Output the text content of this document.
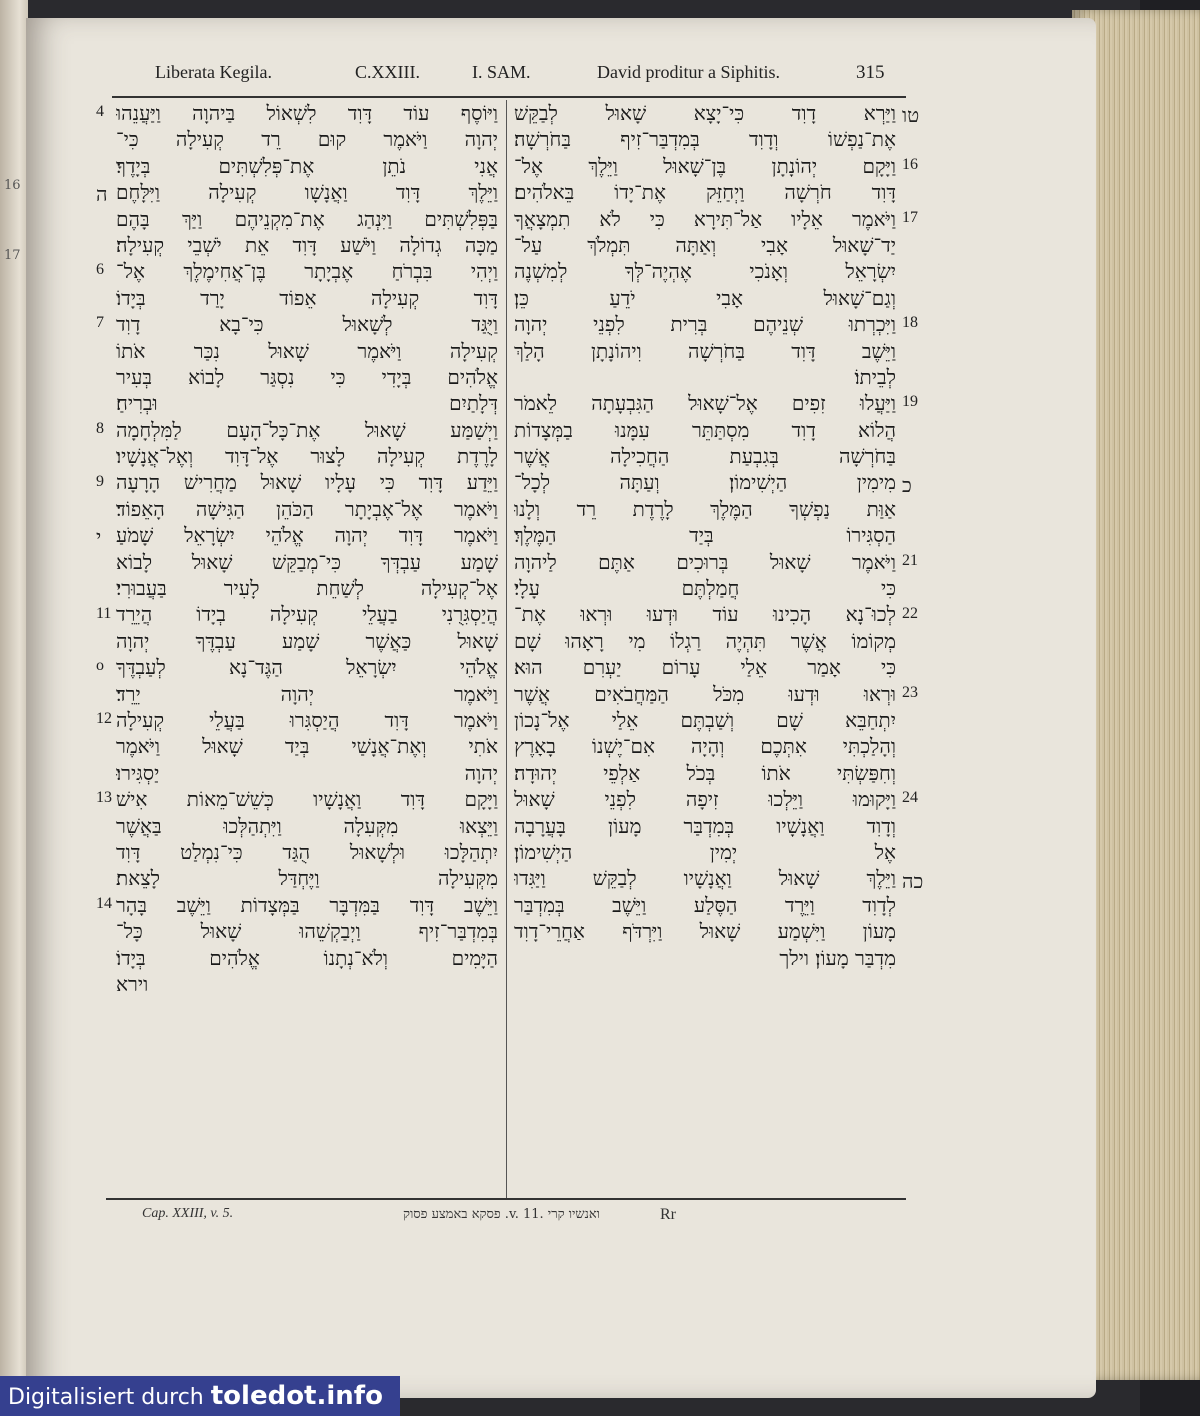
16
17
Liberata Kegila.	C.XXIII.	I. SAM.	David proditur a Siphitis.	315
וַיַּרְא דָוִד כִּי־יָצָא שָׁאוּל לְבַקֵּשׁ
אֶת־נַפְשׁוֹ וְדָוִד בְּמִדְבַּר־זִיף בַּחֹרְשָׁה׃
וַיָּקָם יְהוֹנָתָן בֶּן־שָׁאוּל וַיֵּלֶךְ אֶל־
דָּוִד חֹרְשָׁה וַיְחַזֵּק אֶת־יָדוֹ בֵּאלֹהִים׃
וַיֹּאמֶר אֵלָיו אַל־תִּירָא כִּי לֹא תִמְצָאֲךָ
יַד־שָׁאוּל אָבִי וְאַתָּה תִּמְלֹךְ עַל־
יִשְׂרָאֵל וְאָנֹכִי אֶהְיֶה־לְּךָ לְמִשְׁנֶה
וְגַם־שָׁאוּל אָבִי יֹדֵעַ כֵּן׃
וַיִּכְרְתוּ שְׁנֵיהֶם בְּרִית לִפְנֵי יְהוָה
וַיֵּשֶׁב דָּוִד בַּחֹרְשָׁה וִיהוֹנָתָן הָלַךְ
לְבֵיתוֹ׃
וַיַּעֲלוּ זִפִים אֶל־שָׁאוּל הַגִּבְעָתָה לֵאמֹר
הֲלוֹא דָוִד מִסְתַּתֵּר עִמָּנוּ בַמְּצָדוֹת
בַּחֹרְשָׁה בְּגִבְעַת הַחֲכִילָה אֲשֶׁר
מִימִין הַיְשִׁימוֹן׃ וְעַתָּה לְכָל־
אַוַּת נַפְשְׁךָ הַמֶּלֶךְ לָרֶדֶת רֵד וְלָנוּ
הַסְגִּירוֹ בְּיַד הַמֶּלֶךְ׃
וַיֹּאמֶר שָׁאוּל בְּרוּכִים אַתֶּם לַיהוָה
כִּי חֲמַלְתֶּם עָלָי׃
לְכוּ־נָא הָכִינוּ עוֹד וּדְעוּ וּרְאוּ אֶת־
מְקוֹמוֹ אֲשֶׁר תִּהְיֶה רַגְלוֹ מִי רָאָהוּ שָׁם
כִּי אָמַר אֵלַי עָרוֹם יַעְרִם הוּא׃
וּרְאוּ וּדְעוּ מִכֹּל הַמַּחֲבֹאִים אֲשֶׁר
יִתְחַבֵּא שָׁם וְשַׁבְתֶּם אֵלַי אֶל־נָכוֹן
וְהָלַכְתִּי אִתְּכֶם וְהָיָה אִם־יֶשְׁנוֹ בָאָרֶץ
וְחִפַּשְׂתִּי אֹתוֹ בְּכֹל אַלְפֵי יְהוּדָה׃
וַיָּקוּמוּ וַיֵּלְכוּ זִיפָה לִפְנֵי שָׁאוּל
וְדָוִד וַאֲנָשָׁיו בְּמִדְבַּר מָעוֹן בָּעֲרָבָה
אֶל יְמִין הַיְשִׁימוֹן׃
וַיֵּלֶךְ שָׁאוּל וַאֲנָשָׁיו לְבַקֵּשׁ וַיַּגִּדוּ
לְדָוִד וַיֵּרֶד הַסֶּלַע וַיֵּשֶׁב בְּמִדְבַּר
מָעוֹן וַיִּשְׁמַע שָׁאוּל וַיִּרְדֹּף אַחֲרֵי־דָוִד
מִדְבַּר מָעוֹן׃ וילך
וַיּוֹסֶף עוֹד דָּוִד לִשְׁאוֹל בַּיהוָה וַיַּעֲנֵהוּ
יְהוָה וַיֹּאמֶר קוּם רֵד קְעִילָה כִּי־
אֲנִי נֹתֵן אֶת־פְּלִשְׁתִּים בְּיָדֶךָ׃
וַיֵּלֶךְ דָּוִד וַאֲנָשָׁו קְעִילָה וַיִּלָּחֶם
בַּפְּלִשְׁתִּים וַיִּנְהַג אֶת־מִקְנֵיהֶם וַיַּךְ בָּהֶם
מַכָּה גְדוֹלָה וַיֹּשַׁע דָּוִד אֵת יֹשְׁבֵי קְעִילָה׃
וַיְהִי בִּבְרֹחַ אֶבְיָתָר בֶּן־אֲחִימֶלֶךְ אֶל־
דָּוִד קְעִילָה אֵפוֹד יָרַד בְּיָדוֹ׃
וַיֻּגַּד לְשָׁאוּל כִּי־בָא דָוִד
קְעִילָה וַיֹּאמֶר שָׁאוּל נִכַּר אֹתוֹ
אֱלֹהִים בְּיָדִי כִּי נִסְגַּר לָבוֹא בְּעִיר
דְּלָתַיִם וּבְרִיחַ׃
וַיְשַׁמַּע שָׁאוּל אֶת־כָּל־הָעָם לַמִּלְחָמָה
לָרֶדֶת קְעִילָה לָצוּר אֶל־דָּוִד וְאֶל־אֲנָשָׁיו׃
וַיֵּדַע דָּוִד כִּי עָלָיו שָׁאוּל מַחֲרִישׁ הָרָעָה
וַיֹּאמֶר אֶל־אֶבְיָתָר הַכֹּהֵן הַגִּישָׁה הָאֵפוֹד׃
וַיֹּאמֶר דָּוִד יְהוָה אֱלֹהֵי יִשְׂרָאֵל שָׁמֹעַ
שָׁמַע עַבְדְּךָ כִּי־מְבַקֵּשׁ שָׁאוּל לָבוֹא
אֶל־קְעִילָה לְשַׁחֵת לָעִיר בַּעֲבוּרִי׃
הֲיַסְגִּרֻנִי בַעֲלֵי קְעִילָה בְיָדוֹ הֲיֵרֵד
שָׁאוּל כַּאֲשֶׁר שָׁמַע עַבְדֶּךָ יְהוָה
אֱלֹהֵי יִשְׂרָאֵל הַגֶּד־נָא לְעַבְדֶּךָ
וַיֹּאמֶר יְהוָה יֵרֵד׃
וַיֹּאמֶר דָּוִד הֲיַסְגִּרוּ בַּעֲלֵי קְעִילָה
אֹתִי וְאֶת־אֲנָשַׁי בְּיַד שָׁאוּל וַיֹּאמֶר
יְהוָה יַסְגִּירוּ׃
וַיָּקָם דָּוִד וַאֲנָשָׁיו כְּשֵׁשׁ־מֵאוֹת אִישׁ
וַיֵּצְאוּ מִקְּעִלָה וַיִּתְהַלְּכוּ בַּאֲשֶׁר
יִתְהַלָּכוּ וּלְשָׁאוּל הֻגַּד כִּי־נִמְלַט דָּוִד
מִקְּעִילָה וַיֶּחְדַּל לָצֵאת׃
וַיֵּשֶׁב דָּוִד בַּמִּדְבָּר בַּמְּצָדוֹת וַיֵּשֶׁב בָּהָר
בְּמִדְבַּר־זִיף וַיְבַקְשֵׁהוּ שָׁאוּל כָּל־
הַיָּמִים וְלֹא־נְתָנוֹ אֱלֹהִים בְּיָדוֹ׃
וירא
Cap. XXIII, v. 5.	ואנשיו קרי .v. 11. פסקא באמצע פסוק	Rr
Digitalisiert durch toledot.info
טו
16
17
18
19
כ
21
22
23
24
כה
4
ה
6
7
8
9
י
11
o
12
13
14
